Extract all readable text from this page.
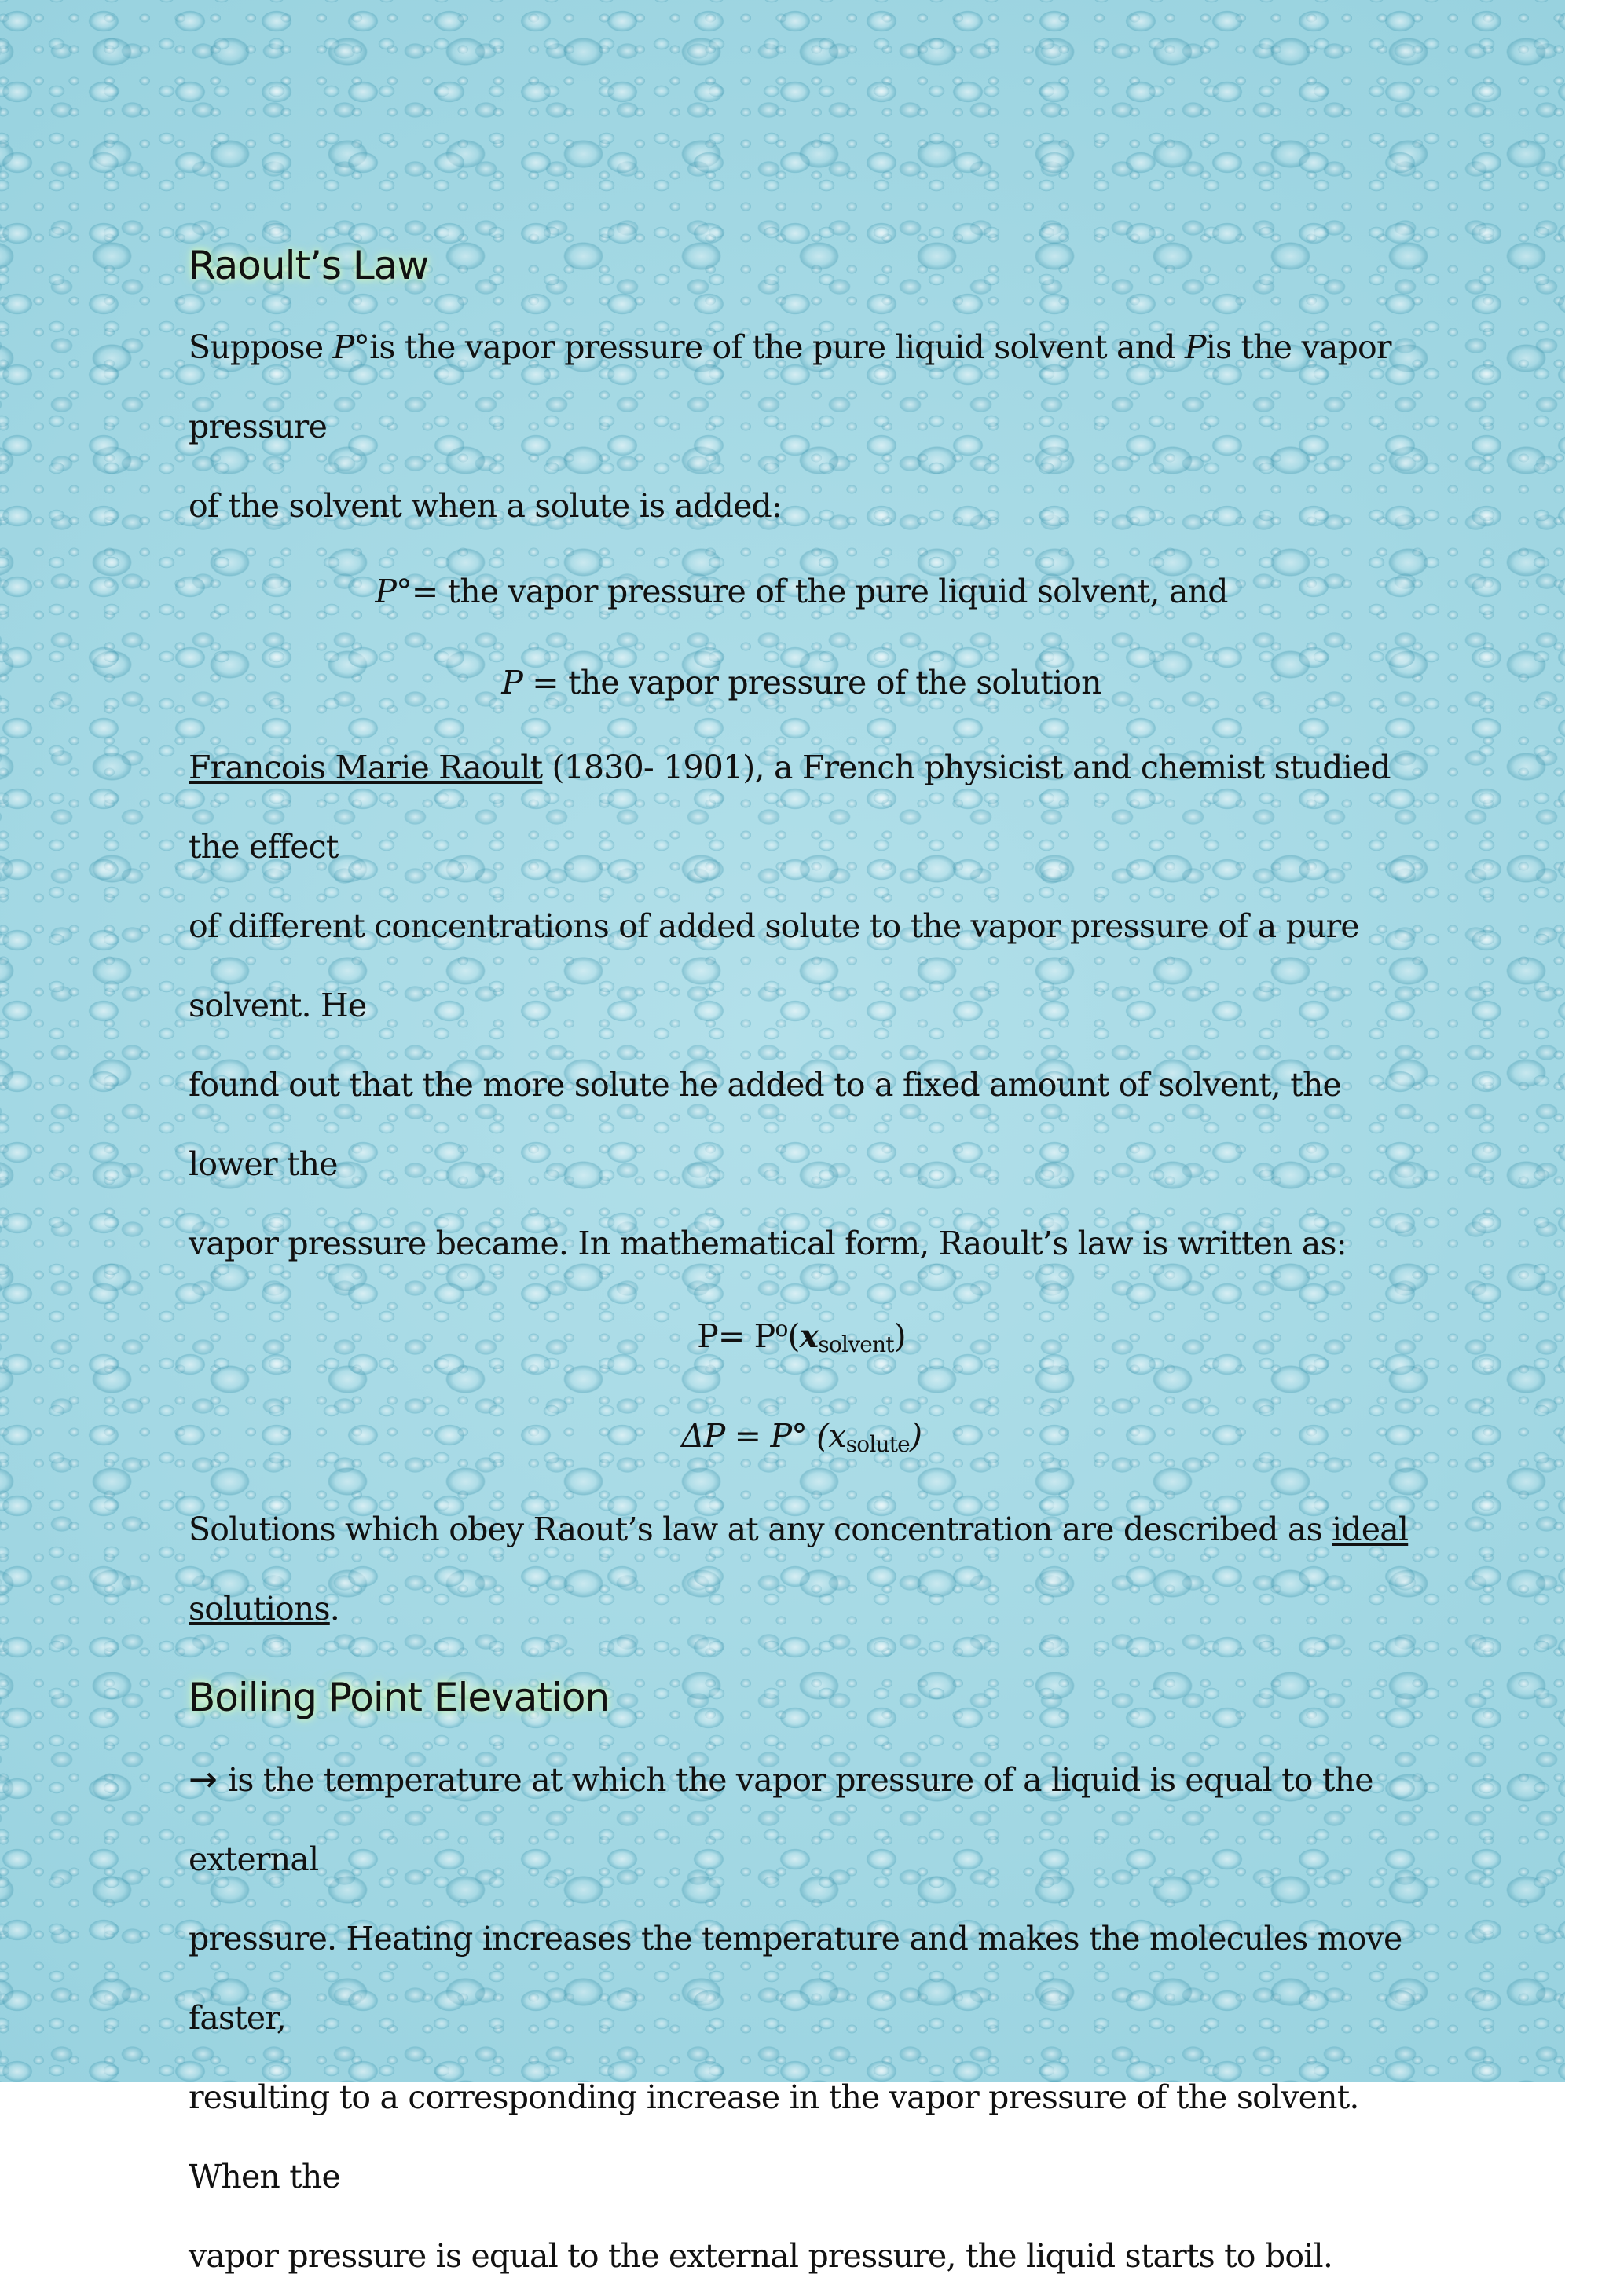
Raoult’s Law

Suppose P°is the vapor pressure of the pure liquid solvent and Pis the vapor pressure

of the solvent when a solute is added:

P°= the vapor pressure of the pure liquid solvent, and

P = the vapor pressure of the solution

Francois Marie Raoult (1830- 1901), a French physicist and chemist studied the effect

of different concentrations of added solute to the vapor pressure of a pure solvent. He

found out that the more solute he added to a fixed amount of solvent, the lower the

vapor pressure became. In mathematical form, Raoult’s law is written as:

$P= P^o(x_{solvent})$

ΔP = P° $(x_{solute})$

Solutions which obey Raout’s law at any concentration are described as ideal solutions.

Boiling Point Elevation

→ is the temperature at which the vapor pressure of a liquid is equal to the external

pressure. Heating increases the temperature and makes the molecules move faster,

resulting to a corresponding increase in the vapor pressure of the solvent. When the

vapor pressure is equal to the external pressure, the liquid starts to boil.
